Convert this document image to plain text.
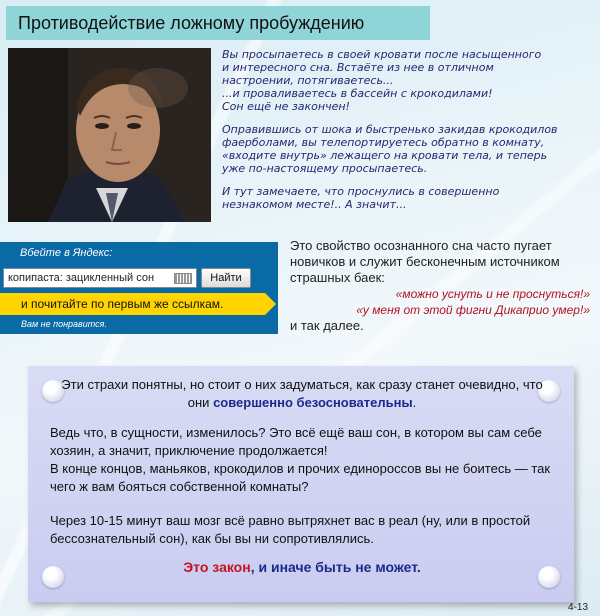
Противодействие ложному пробуждению

Вы просыпаетесь в своей кровати после насыщенного
и интересного сна. Встаёте из нее в отличном
настроении, потягиваетесь...
...и проваливаетесь в бассейн с крокодилами!
Сон ещё не закончен!

Оправившись от шока и быстренько закидав крокодилов
фаерболами, вы телепортируетесь обратно в комнату,
«входите внутрь» лежащего на кровати тела, и теперь
уже по-настоящему просыпаетесь.

И тут замечаете, что проснулись в совершенно
незнакомом месте!.. А значит...

Вбейте в Яндекс:
копипаста: зацикленный сон	Найти
и почитайте по первым же ссылкам.
Вам не понравится.
Это свойство осознанного сна часто пугает новичков и служит бесконечным источником страшных баек:
«можно уснуть и не проснуться!»
«у меня от этой фигни Дикаприо умер!»
и так далее.
Эти страхи понятны, но стоит о них задуматься, как сразу станет очевидно, что они совершенно безосновательны.
Ведь что, в сущности, изменилось? Это всё ещё ваш сон, в котором вы сам себе хозяин, а значит, приключение продолжается!
В конце концов, маньяков, крокодилов и прочих единороссов вы не боитесь — так чего ж вам бояться собственной комнаты?
Через 10-15 минут ваш мозг всё равно вытряхнет вас в реал (ну, или в простой бессознательный сон), как бы вы ни сопротивлялись.
Это закон, и иначе быть не может.
4-13
